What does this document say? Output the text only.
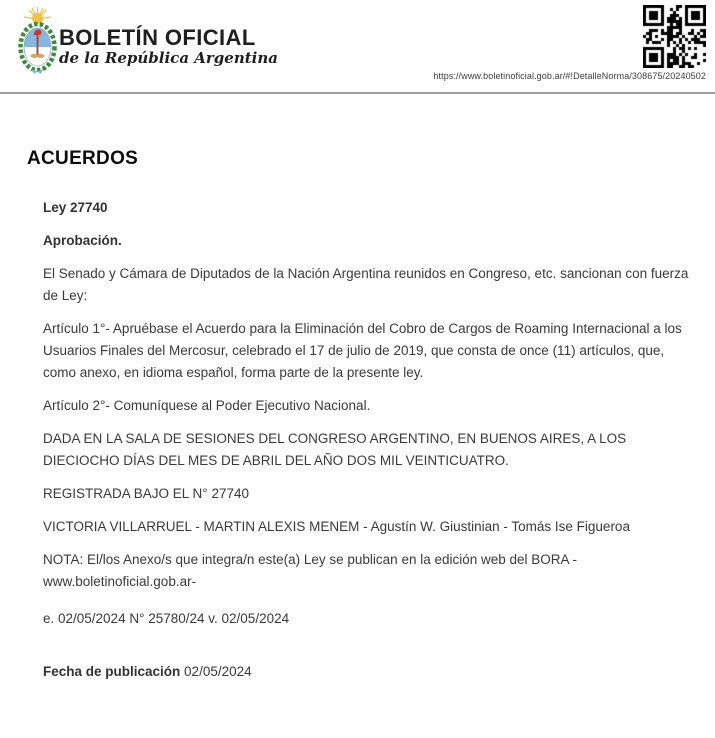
BOLETÍN OFICIAL
de la República Argentina
https://www.boletinoficial.gob.ar/#!DetalleNorma/308675/20240502
ACUERDOS

Ley 27740

Aprobación.

El Senado y Cámara de Diputados de la Nación Argentina reunidos en Congreso, etc. sancionan con fuerza de Ley:

Artículo 1°- Apruébase el Acuerdo para la Eliminación del Cobro de Cargos de Roaming Internacional a los Usuarios Finales del Mercosur, celebrado el 17 de julio de 2019, que consta de once (11) artículos, que, como anexo, en idioma español, forma parte de la presente ley.

Artículo 2°- Comuníquese al Poder Ejecutivo Nacional.

DADA EN LA SALA DE SESIONES DEL CONGRESO ARGENTINO, EN BUENOS AIRES, A LOS DIECIOCHO DÍAS DEL MES DE ABRIL DEL AÑO DOS MIL VEINTICUATRO.

REGISTRADA BAJO EL N° 27740

VICTORIA VILLARRUEL - MARTIN ALEXIS MENEM - Agustín W. Giustinian - Tomás Ise Figueroa

NOTA: El/los Anexo/s que integra/n este(a) Ley se publican en la edición web del BORA -www.boletinoficial.gob.ar-

e. 02/05/2024 N° 25780/24 v. 02/05/2024

Fecha de publicación 02/05/2024
